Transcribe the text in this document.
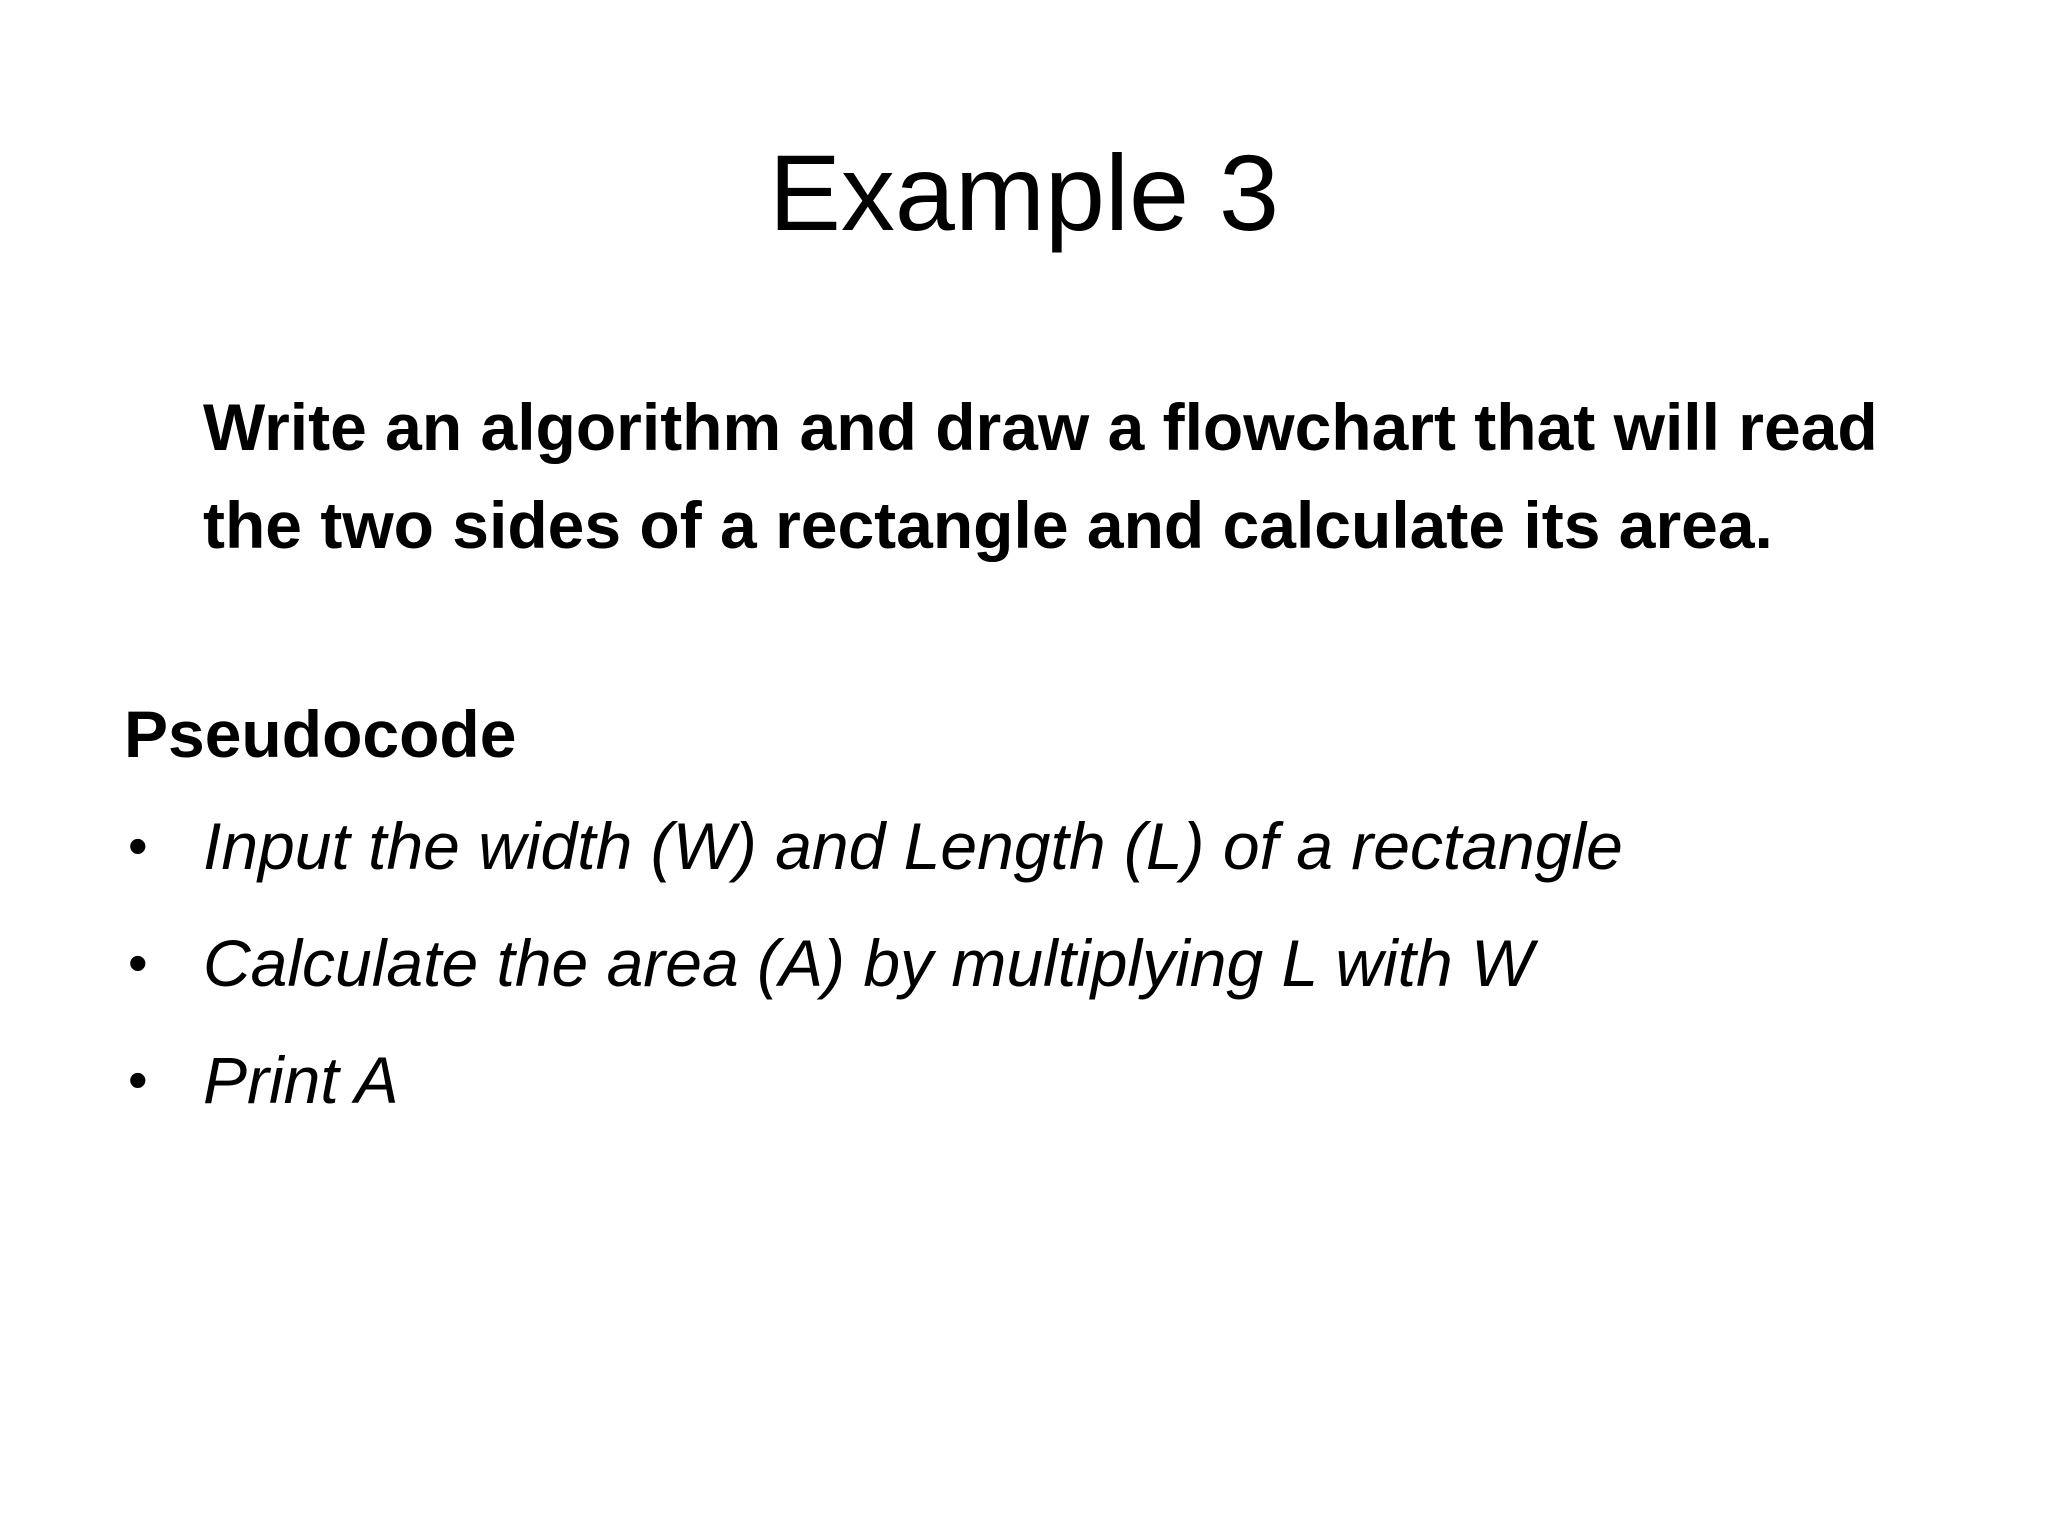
Example 3

Write an algorithm and draw a flowchart that will read the two sides of a rectangle and calculate its area.

Pseudocode
• Input the width (W) and Length (L) of a rectangle
• Calculate the area (A) by multiplying L with W
• Print A
